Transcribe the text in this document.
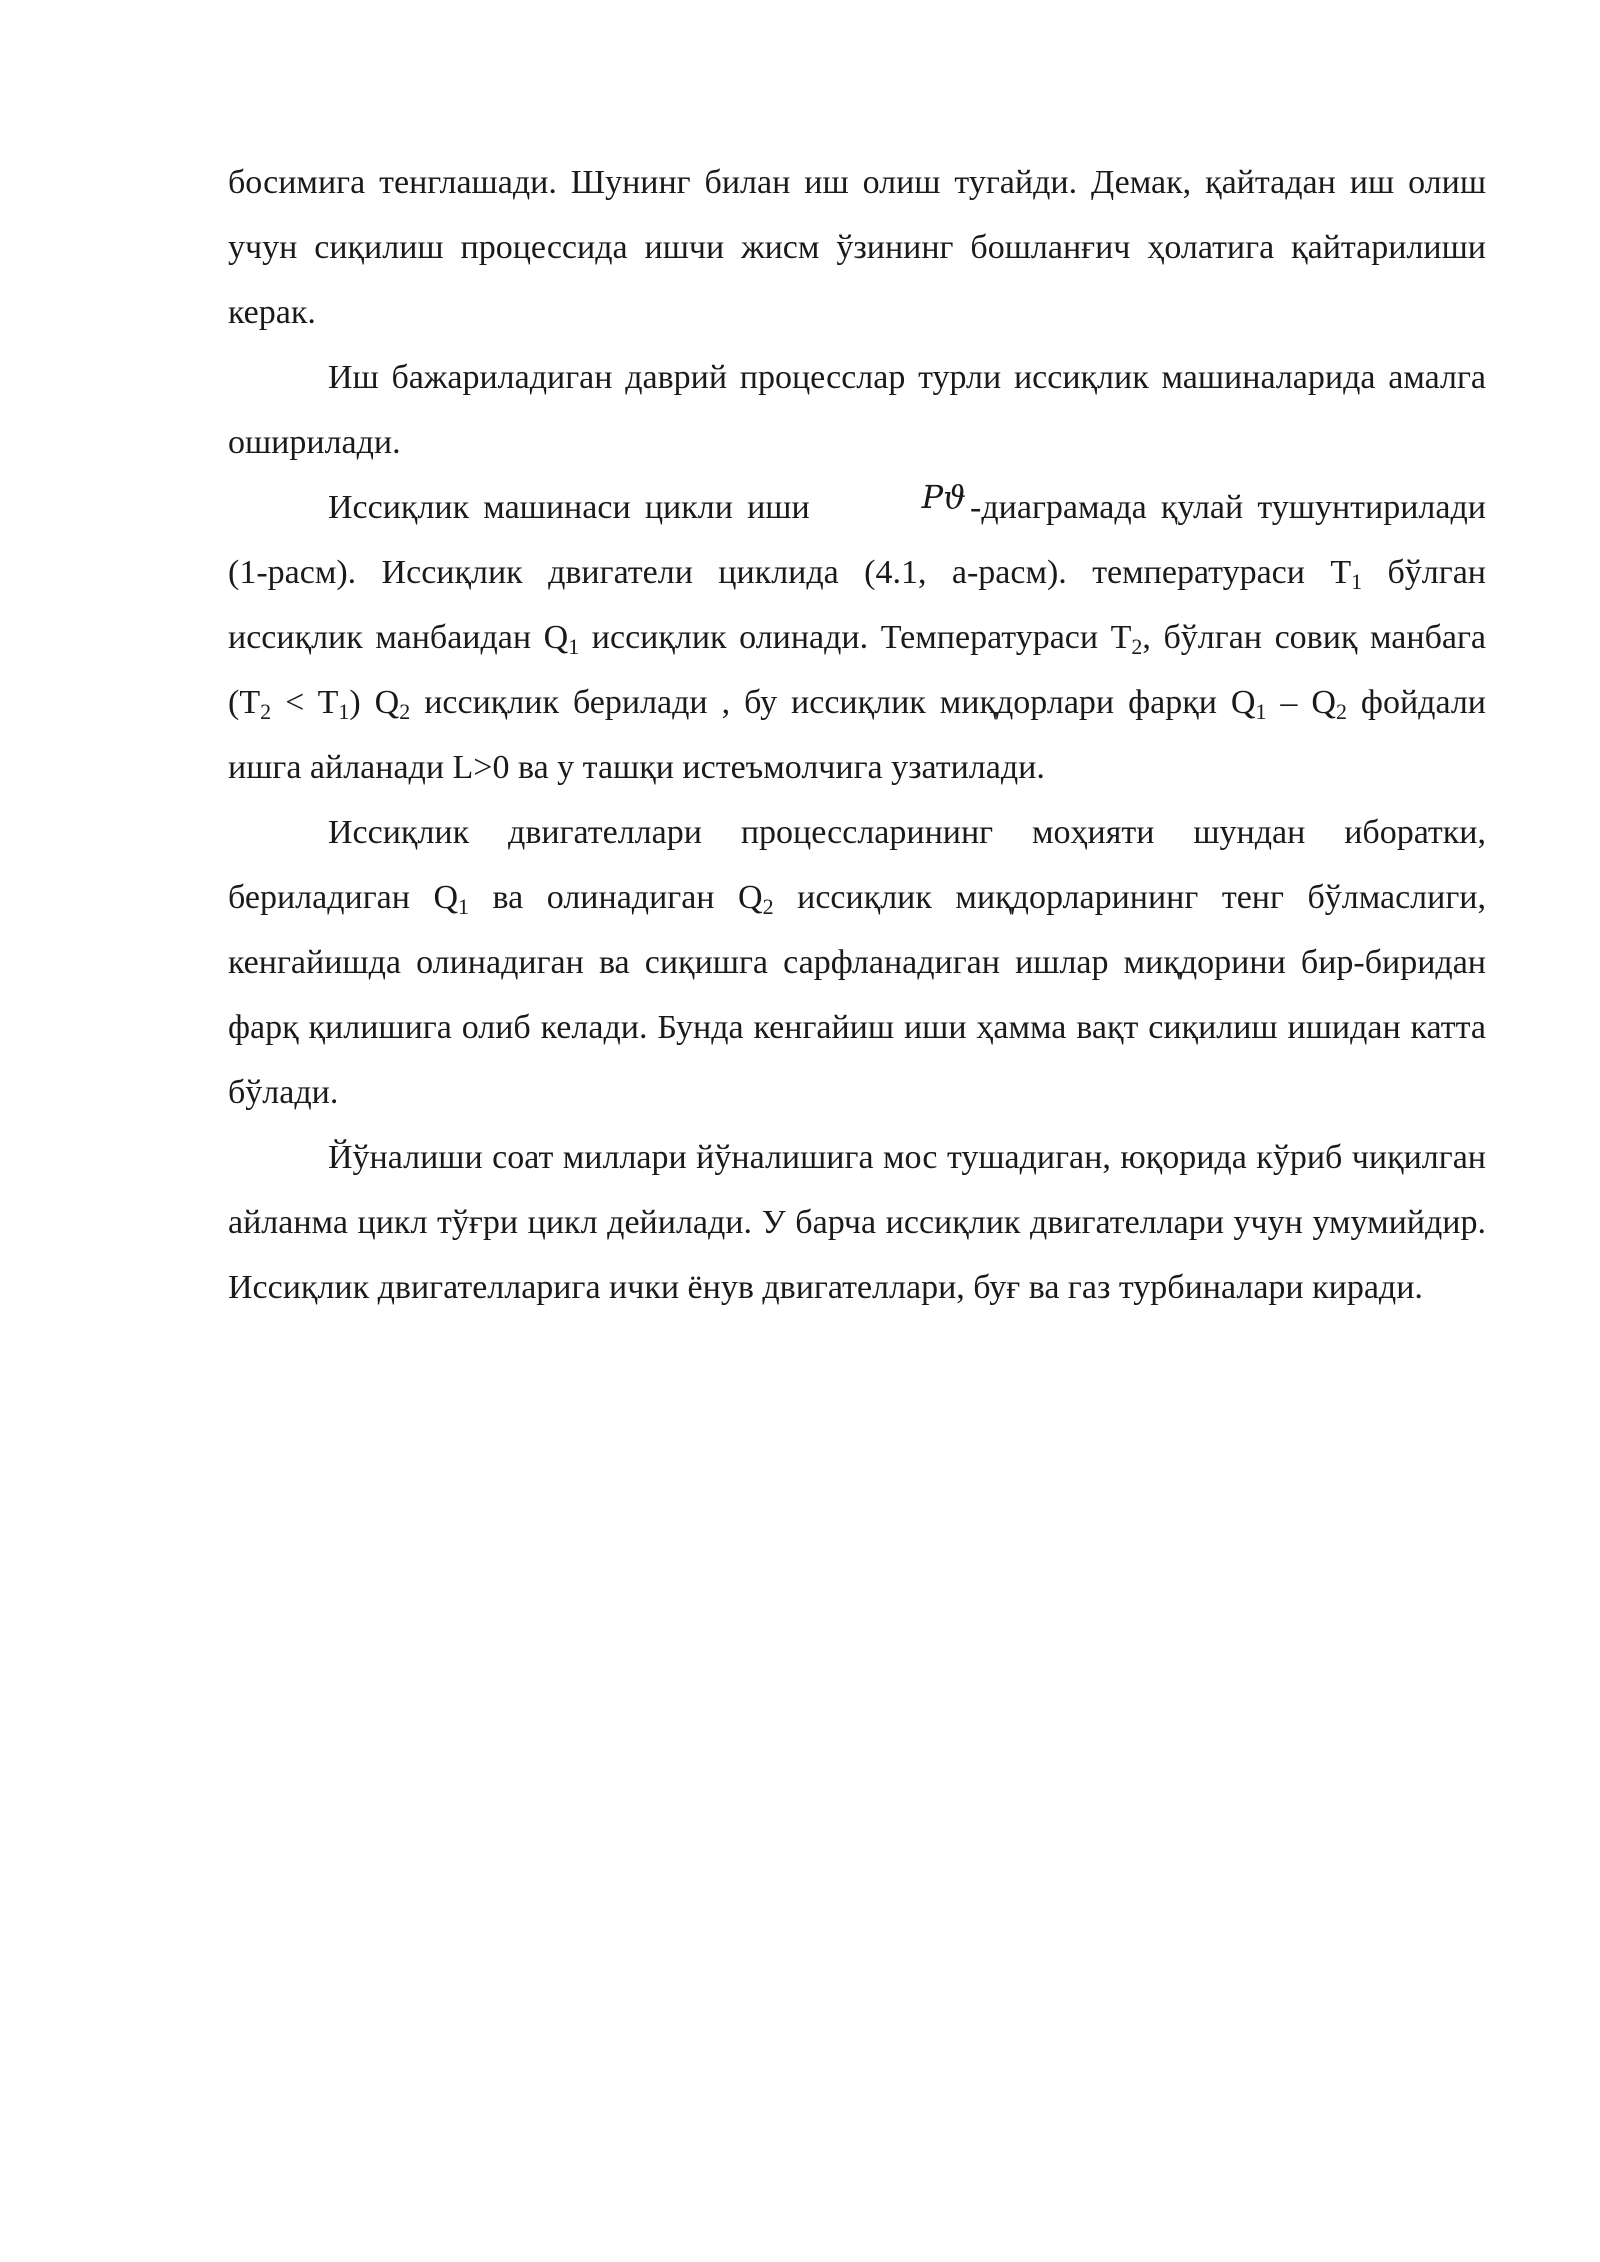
босимига тенглашади. Шунинг билан иш олиш тугайди. Демак, қайтадан иш олиш учун сиқилиш процессида ишчи жисм ўзининг бошланғич ҳолатига қайтарилиши керак.

Иш бажариладиган даврий процесслар турли иссиқлик машиналарида амалга оширилади.

Иссиқлик машинаси цикли иши	Pϑ -диаграмада қулай тушунтирилади (1-расм). Иссиқлик двигатели циклида (4.1, а-расм). температураси $T_1$ бўлган иссиқлик манбаидан $Q_1$ иссиқлик олинади. Температураси $T_2$, бўлган совиқ манбага $(T_2 < T_1)$ $Q_2$ иссиқлик берилади , бу иссиқлик миқдорлари фарқи $Q_1 - Q_2$ фойдали ишга айланади L>0 ва у ташқи истеъмолчига узатилади.

Иссиқлик двигателлари процессларининг моҳияти шундан иборатки, бериладиган $Q_1$ ва олинадиган $Q_2$ иссиқлик миқдорларининг тенг бўлмаслиги, кенгайишда олинадиган ва сиқишга сарфланадиган ишлар миқдорини бир-биридан фарқ қилишига олиб келади. Бунда кенгайиш иши ҳамма вақт сиқилиш ишидан катта бўлади.

Йўналиши соат миллари йўналишига мос тушадиган, юқорида кўриб чиқилган айланма цикл тўғри цикл дейилади. У барча иссиқлик двигателлари учун умумийдир. Иссиқлик двигателларига ички ёнув двигателлари, буғ ва газ турбиналари киради.
